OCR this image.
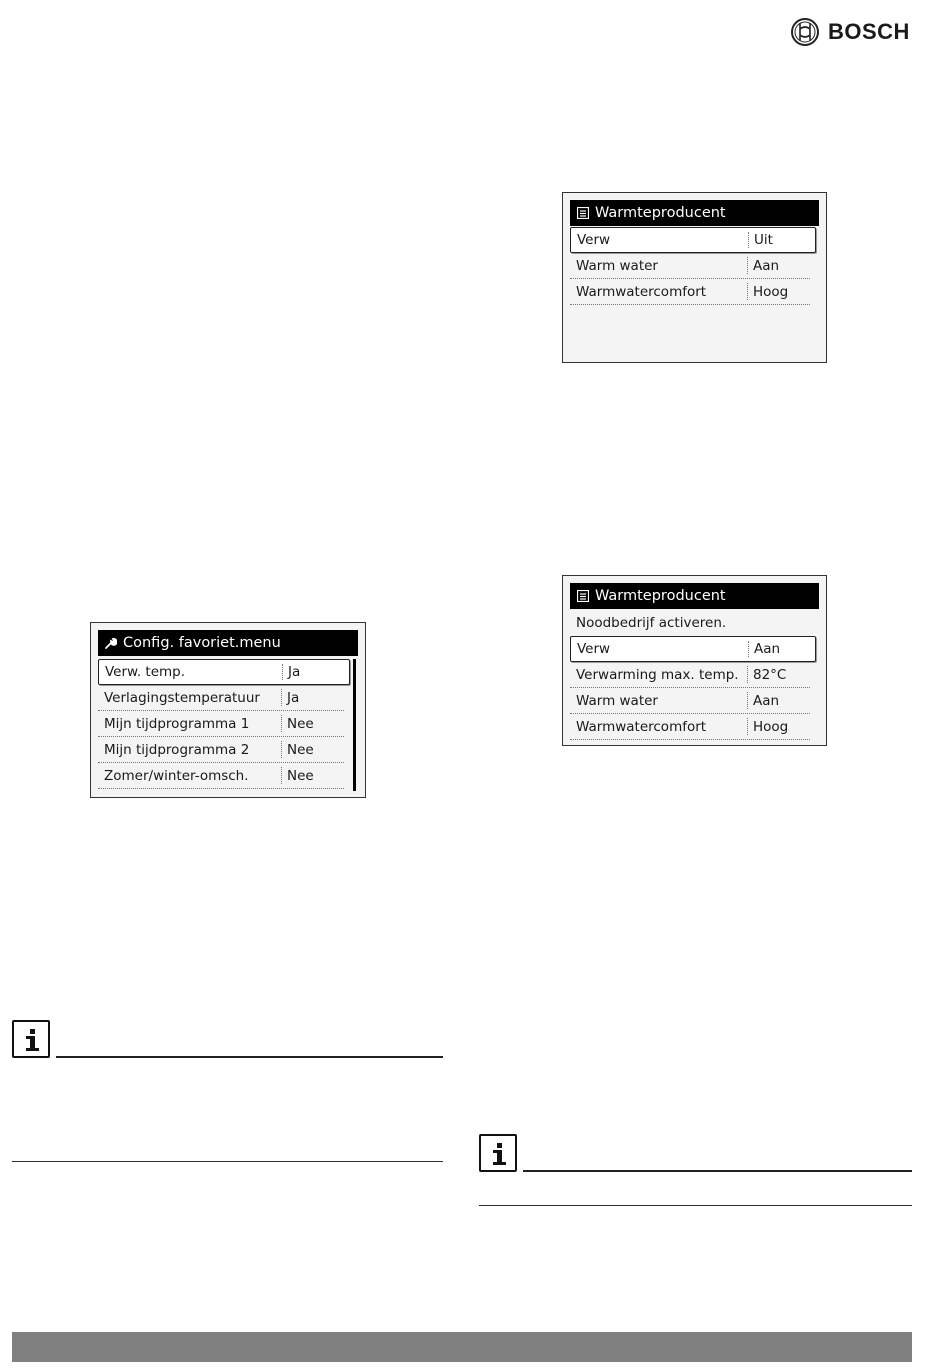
BOSCH
Config. favoriet.menu
Verw. temp.	Ja
Verlagingstemperatuur Ja
Mijn tijdprogramma 1	Nee
Mijn tijdprogramma 2	Nee
Zomer/winter-omsch.	Nee
Warmteproducent
Verw	Uit
Warm water	Aan
Warmwatercomfort	Hoog
Warmteproducent
Noodbedrijf activeren.
Verw	Aan
Verwarming max. temp. 82°C
Warm water	Aan
Warmwatercomfort	Hoog
